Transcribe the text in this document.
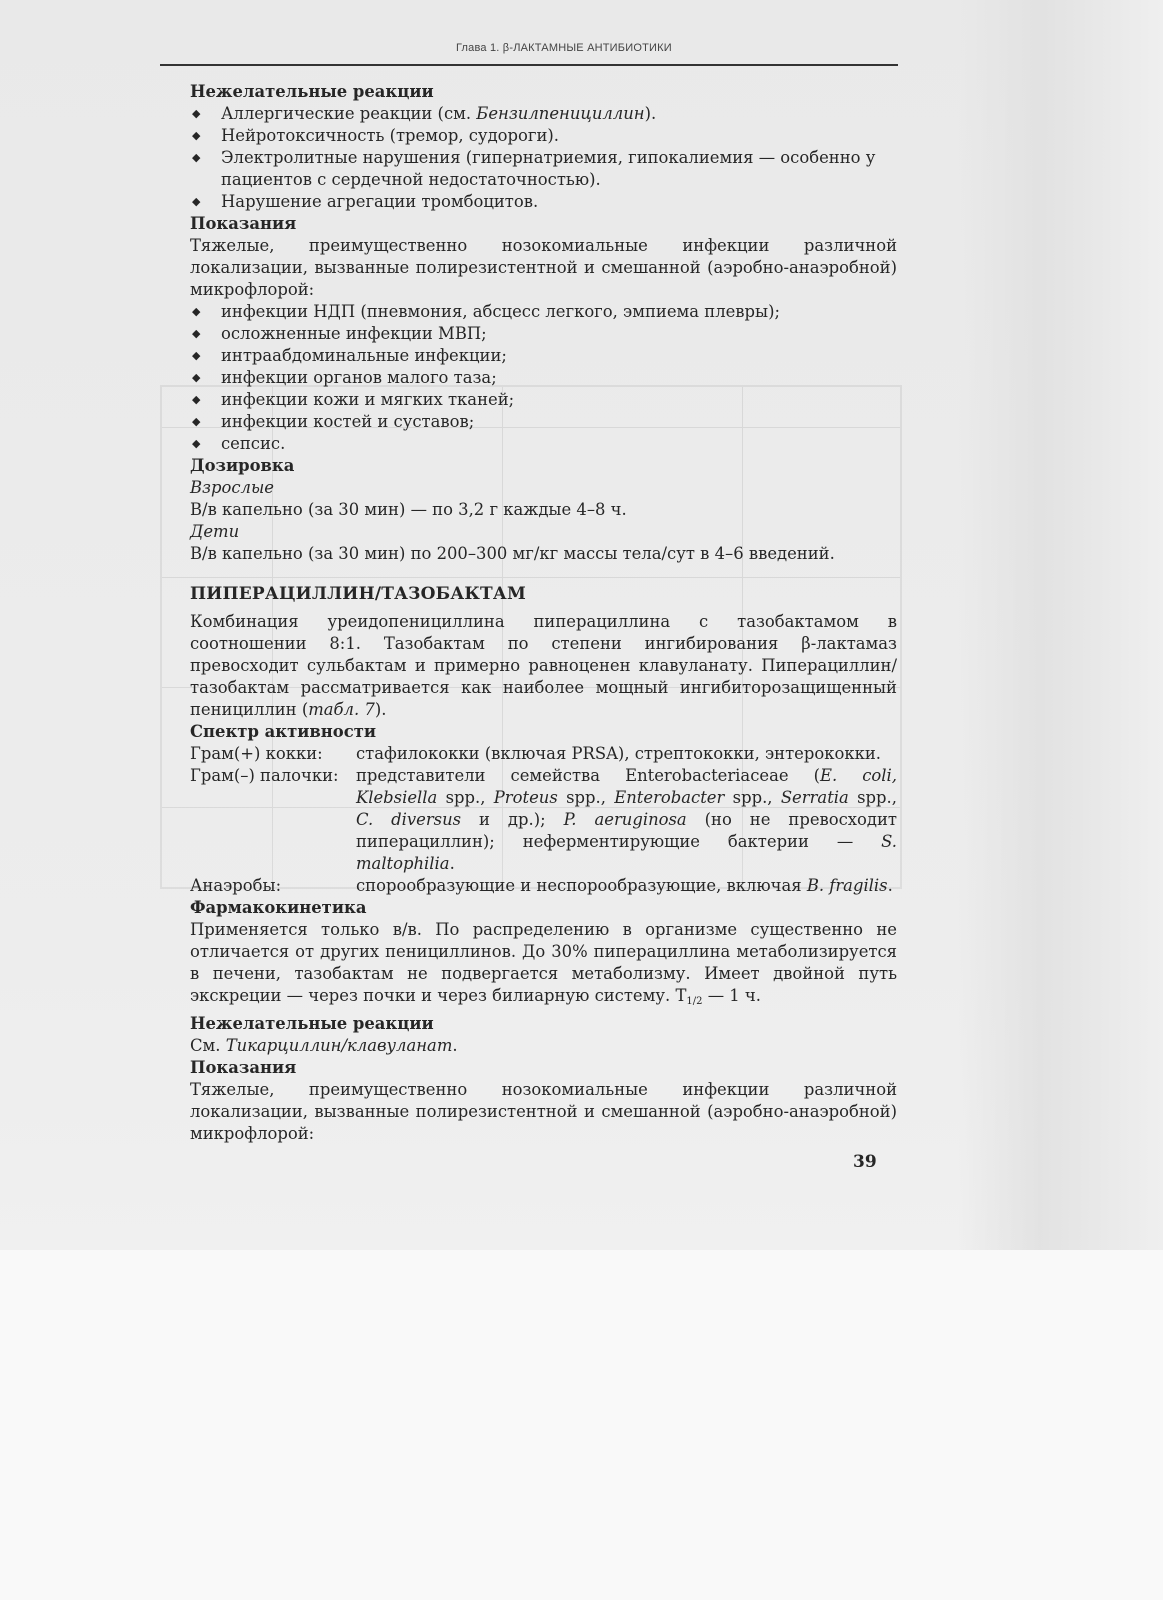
Глава 1. β-ЛАКТАМНЫЕ АНТИБИОТИКИ

Нежелательные реакции

◆ Аллергические реакции (см. Бензилпенициллин).
◆ Нейротоксичность (тремор, судороги).
◆ Электролитные нарушения (гипернатриемия, гипокалиемия — особенно у пациентов с сердечной недостаточностью).
◆ Нарушение агрегации тромбоцитов.

Показания

Тяжелые, преимущественно нозокомиальные инфекции различной локализации, вызванные полирезистентной и смешанной (аэробно-анаэробной) микрофлорой:

◆ инфекции НДП (пневмония, абсцесс легкого, эмпиема плевры);
◆ осложненные инфекции МВП;
◆ интраабдоминальные инфекции;
◆ инфекции органов малого таза;
◆ инфекции кожи и мягких тканей;
◆ инфекции костей и суставов;
◆ сепсис.

Дозировка

Взрослые

В/в капельно (за 30 мин) — по 3,2 г каждые 4–8 ч.

Дети

В/в капельно (за 30 мин) по 200–300 мг/кг массы тела/сут в 4–6 введений.

ПИПЕРАЦИЛЛИН/ТАЗОБАКТАМ

Комбинация уреидопенициллина пиперациллина с тазобактамом в соотношении 8:1. Тазобактам по степени ингибирования β-лактамаз превосходит сульбактам и примерно равноценен клавуланату. Пиперациллин/тазобактам рассматривается как наиболее мощный ингибиторозащищенный пенициллин (табл. 7).

Спектр активности

Грам(+) кокки:	стафилококки (включая PRSA), стрептококки, энтерококки.

Грам(–) палочки:	представители семейства Enterobacteriaceae (E. coli, Klebsiella spp., Proteus spp., Enterobacter spp., Serratia spp., C. diversus и др.); P. aeruginosa (но не превосходит пиперациллин); неферментирующие бактерии — S. maltophilia.

Анаэробы:	спорообразующие и неспорообразующие, включая B. fragilis.

Фармакокинетика

Применяется только в/в. По распределению в организме существенно не отличается от других пенициллинов. До 30% пиперациллина метаболизируется в печени, тазобактам не подвергается метаболизму. Имеет двойной путь экскреции — через почки и через билиарную систему. $T_{1/2}$ — 1 ч.

Нежелательные реакции

См. Тикарциллин/клавуланат.

Показания

Тяжелые, преимущественно нозокомиальные инфекции различной локализации, вызванные полирезистентной и смешанной (аэробно-анаэробной) микрофлорой:

39
